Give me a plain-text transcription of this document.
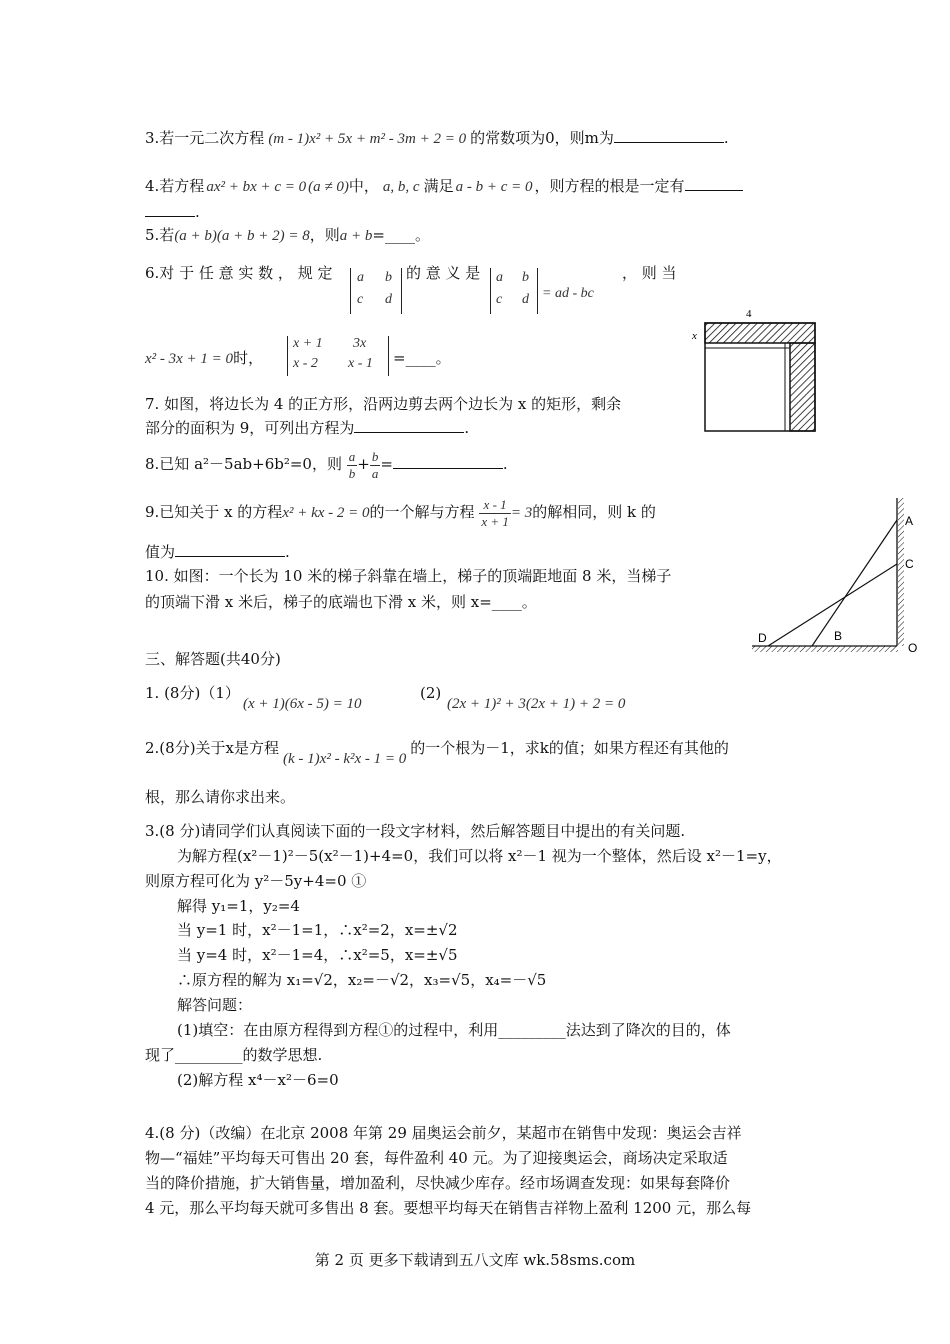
3.若一元二次方程 (m - 1)x² + 5x + m² - 3m + 2 = 0 的常数项为0，则m为	.
4.若方程 ax² + bx + c = 0 (a ≠ 0)中， a, b, c 满足 a - b + c = 0 ，则方程的根是一定有
.
5.若(a + b)(a + b + 2) = 8，则a + b=____。
6.对 于 任 意 实 数 ， 规 定 a b
c d
的 意 义 是 a b
c d = ad - bc
， 则 当
x² - 3x + 1 = 0时，
x + 1 3x
x - 2 x - 1 =____。
4
x
7. 如图，将边长为 4 的正方形，沿两边剪去两个边长为 x 的矩形，剩余
部分的面积为 9，可列出方程为	.
8.已知 a²－5ab+6b²=0，则 $\frac{a}{b} + \frac{b}{a}$ =	.
9.已知关于 x 的方程x² + kx - 2 = 0的一个解与方程 $\frac{x - 1}{x + 1} = 3$的解相同，则 k 的
值为	.
A
C
D	B
O
10. 如图：一个长为 10 米的梯子斜靠在墙上，梯子的顶端距地面 8 米，当梯子
的顶端下滑 x 米后，梯子的底端也下滑 x 米，则 x=____。
三、解答题(共40分)
1. (8分)（1）
(x + 1)(6x - 5) = 10
(2)
(2x + 1)² + 3(2x + 1) + 2 = 0
2.(8分)关于x是方程(k - 1)x² - k²x - 1 = 0的一个根为－1，求k的值；如果方程还有其他的
根，那么请你求出来。
3.(8 分)请同学们认真阅读下面的一段文字材料，然后解答题目中提出的有关问题.
为解方程(x²－1)²－5(x²－1)+4=0，我们可以将 x²－1 视为一个整体，然后设 x²－1=y，
则原方程可化为 y²－5y+4=0 ①
解得 y₁=1，y₂=4
当 y=1 时，x²－1=1，∴x²=2，x=±√2
当 y=4 时，x²－1=4，∴x²=5，x=±√5
∴原方程的解为 x₁=√2，x₂=－√2，x₃=√5，x₄=－√5
解答问题：
(1)填空：在由原方程得到方程①的过程中，利用_________法达到了降次的目的，体
现了_________的数学思想.
(2)解方程 x⁴－x²－6=0
4.(8 分)（改编）在北京 2008 年第 29 届奥运会前夕，某超市在销售中发现：奥运会吉祥
物—“福娃”平均每天可售出 20 套，每件盈利 40 元。为了迎接奥运会，商场决定采取适
当的降价措施，扩大销售量，增加盈利，尽快减少库存。经市场调查发现：如果每套降价
4 元，那么平均每天就可多售出 8 套。要想平均每天在销售吉祥物上盈利 1200 元，那么每
第 2 页 更多下载请到五八文库 wk.58sms.com
